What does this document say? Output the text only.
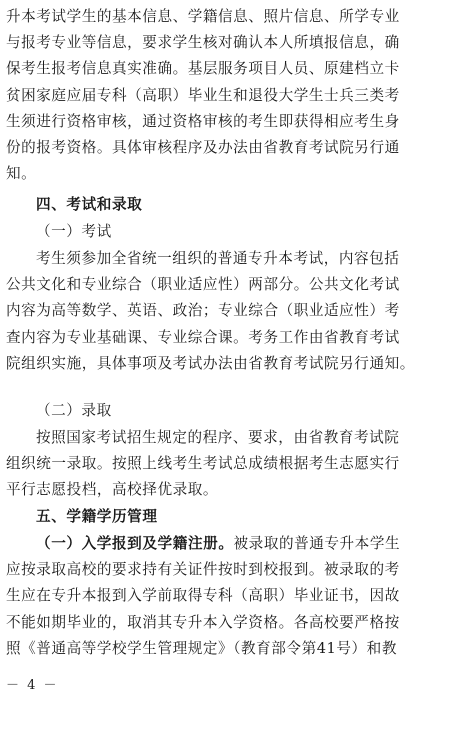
升本考试学生的基本信息、学籍信息、照片信息、所学专业
与报考专业等信息，要求学生核对确认本人所填报信息，确
保考生报考信息真实准确。基层服务项目人员、原建档立卡
贫困家庭应届专科（高职）毕业生和退役大学生士兵三类考
生须进行资格审核，通过资格审核的考生即获得相应考生身
份的报考资格。具体审核程序及办法由省教育考试院另行通
知。
四、考试和录取
（一）考试
考生须参加全省统一组织的普通专升本考试，内容包括
公共文化和专业综合（职业适应性）两部分。公共文化考试
内容为高等数学、英语、政治；专业综合（职业适应性）考
查内容为专业基础课、专业综合课。考务工作由省教育考试
院组织实施，具体事项及考试办法由省教育考试院另行通知。
（二）录取
按照国家考试招生规定的程序、要求，由省教育考试院
组织统一录取。按照上线考生考试总成绩根据考生志愿实行
平行志愿投档，高校择优录取。
五、学籍学历管理
（一）入学报到及学籍注册。被录取的普通专升本学生
应按录取高校的要求持有关证件按时到校报到。被录取的考
生应在专升本报到入学前取得专科（高职）毕业证书，因故
不能如期毕业的，取消其专升本入学资格。各高校要严格按
照《普通高等学校学生管理规定》（教育部令第41号）和教
－ 4 －
